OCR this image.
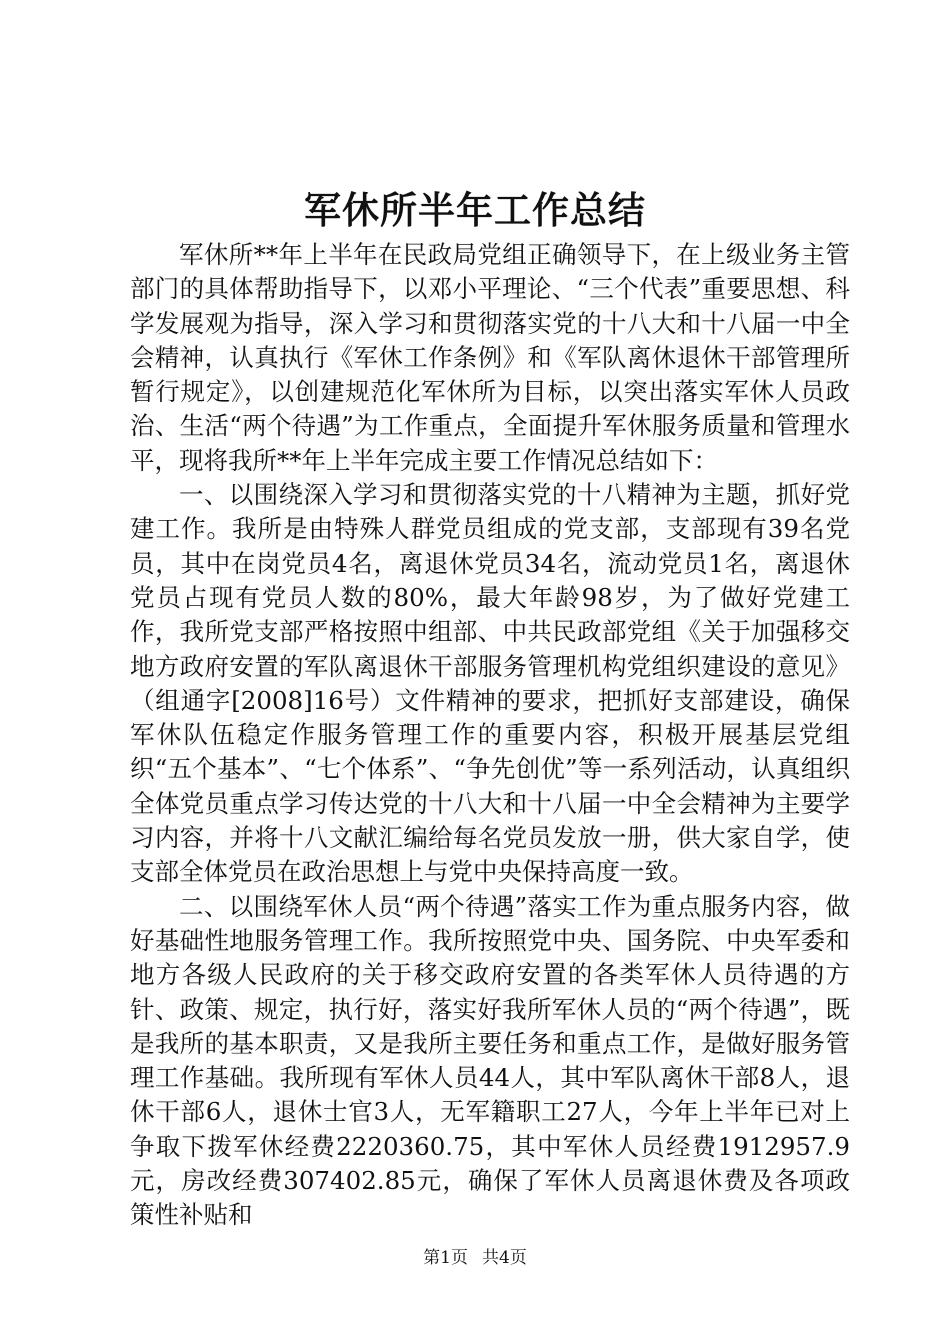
军休所半年工作总结

军休所**年上半年在民政局党组正确领导下，在上级业务主管部门的具体帮助指导下，以邓小平理论、“三个代表”重要思想、科学发展观为指导，深入学习和贯彻落实党的十八大和十八届一中全会精神，认真执行《军休工作条例》和《军队离休退休干部管理所暂行规定》，以创建规范化军休所为目标，以突出落实军休人员政治、生活“两个待遇”为工作重点，全面提升军休服务质量和管理水平，现将我所**年上半年完成主要工作情况总结如下：

一、以围绕深入学习和贯彻落实党的十八精神为主题，抓好党建工作。我所是由特殊人群党员组成的党支部，支部现有39名党员，其中在岗党员4名，离退休党员34名，流动党员1名，离退休党员占现有党员人数的80%，最大年龄98岁，为了做好党建工作，我所党支部严格按照中组部、中共民政部党组《关于加强移交地方政府安置的军队离退休干部服务管理机构党组织建设的意见》（组通字[2008]16号）文件精神的要求，把抓好支部建设，确保军休队伍稳定作服务管理工作的重要内容，积极开展基层党组织“五个基本”、“七个体系”、“争先创优”等一系列活动，认真组织全体党员重点学习传达党的十八大和十八届一中全会精神为主要学习内容，并将十八文献汇编给每名党员发放一册，供大家自学，使支部全体党员在政治思想上与党中央保持高度一致。

二、以围绕军休人员“两个待遇”落实工作为重点服务内容，做好基础性地服务管理工作。我所按照党中央、国务院、中央军委和地方各级人民政府的关于移交政府安置的各类军休人员待遇的方针、政策、规定，执行好，落实好我所军休人员的“两个待遇”，既是我所的基本职责，又是我所主要任务和重点工作，是做好服务管理工作基础。我所现有军休人员44人，其中军队离休干部8人，退休干部6人，退休士官3人，无军籍职工27人，今年上半年已对上争取下拨军休经费2220360.75，其中军休人员经费1912957.9元，房改经费307402.85元，确保了军休人员离退休费及各项政策性补贴和

第1页 共4页
